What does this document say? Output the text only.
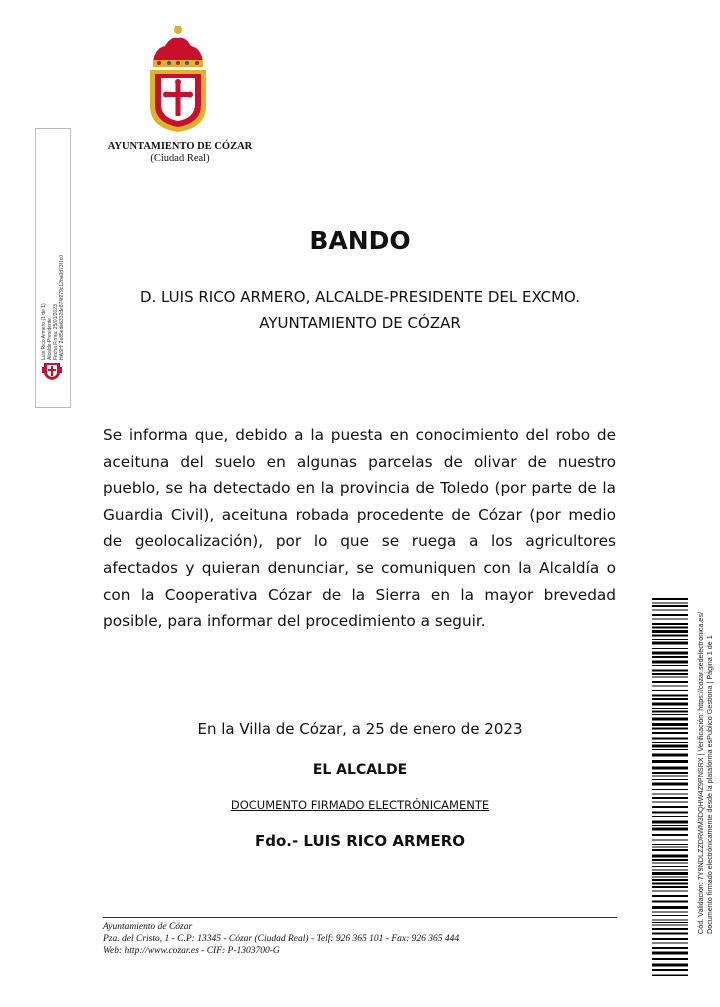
AYUNTAMIENTO DE CÓZAR
(Ciudad Real)
Luis Rico Armero (1 de 1)
Alcalde-Presidente
Fecha Firma: 25/01/2023
HASH: 2e85ede6332de874f279c12ba0d73f1c0
BANDO
D. LUIS RICO ARMERO, ALCALDE-PRESIDENTE DEL EXCMO.
AYUNTAMIENTO DE CÓZAR
Se informa que, debido a la puesta en conocimiento del robo de aceituna del suelo en algunas parcelas de olivar de nuestro pueblo, se ha detectado en la provincia de Toledo (por parte de la Guardia Civil), aceituna robada procedente de Cózar (por medio de geolocalización), por lo que se ruega a los agricultores afectados y quieran denunciar, se comuniquen con la Alcaldía o con la Cooperativa Cózar de la Sierra en la mayor brevedad posible, para informar del procedimiento a seguir.
En la Villa de Cózar, a 25 de enero de 2023
EL ALCALDE
DOCUMENTO FIRMADO ELECTRÓNICAMENTE
Fdo.- LUIS RICO ARMERO
Ayuntamiento de Cózar
Pza. del Cristo, 1 - C.P: 13345 - Cózar (Ciudad Real) - Telf: 926 365 101 - Fax: 926 365 444
Web: http://www.cozar.es - CIF: P-1303700-G
Cód. Validación: 7Y9NDLZZDRWM3DQHW4Z9PNSRX | Verificación: https://cozar.sedelectronica.es/ Documento firmado electrónicamente desde la plataforma esPublico Gestiona | Página 1 de 1
